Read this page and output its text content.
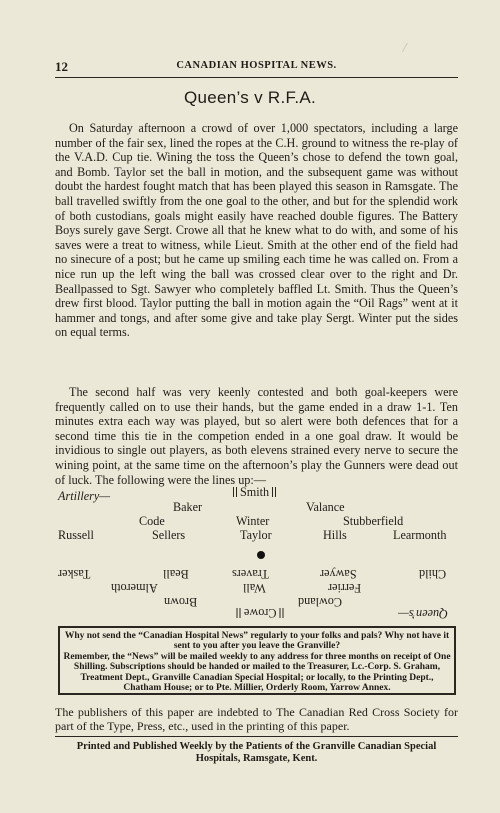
12	CANADIAN HOSPITAL NEWS.
Queen’s v R.F.A.
On Saturday afternoon a crowd of over 1,000 spectators, including a large number of the fair sex, lined the ropes at the C.H. ground to witness the re-play of the V.A.D. Cup tie. Wining the toss the Queen’s chose to defend the town goal, and Bomb. Taylor set the ball in motion, and the subsequent game was without doubt the hardest fought match that has been played this season in Ramsgate. The ball travelled swiftly from the one goal to the other, and but for the splendid work of both custodians, goals might easily have reached double figures. The Battery Boys surely gave Sergt. Crowe all that he knew what to do with, and some of his saves were a treat to witness, while Lieut. Smith at the other end of the field had no sinecure of a post; but he came up smiling each time he was called on. From a nice run up the left wing the ball was crossed clear over to the right and Dr. Beallpassed to Sgt. Sawyer who completely baffled Lt. Smith. Thus the Queen’s drew first blood. Taylor putting the ball in motion again the “Oil Rags” went at it hammer and tongs, and after some give and take play Sergt. Winter put the sides on equal terms.
The second half was very keenly contested and both goal-keepers were frequently called on to use their hands, but the game ended in a draw 1-1. Ten minutes extra each way was played, but so alert were both defences that for a second time this tie in the competion ended in a one goal draw. It would be invidious to single out players, as both elevens strained every nerve to secure the wining point, at the same time on the afternoon’s play the Gunners were dead out of luck. The following were the lines up:—
Artillery—	Smith
Baker	Valance
Code	Winter	Stubberfield
Russell	Sellers	Taylor	Hills	Learmonth
Tasker	Beall	Travers	Sawyer	Child
Almeroth	Wall	Ferrier
Brown	Cowland
Crowe	Queen’s—
Why not send the “Canadian Hospital News” regularly to your folks and pals? Why not have it sent to you after you leave the Granville?
Remember, the “News” will be mailed weekly to any address for three months on receipt of One Shilling. Subscriptions should be handed or mailed to the Treasurer, Lc.-Corp. S. Graham, Treatment Dept., Granville Canadian Special Hospital; or locally, to the Printing Dept., Chatham House; or to Pte. Millier, Orderly Room, Yarrow Annex.
The publishers of this paper are indebted to The Canadian Red Cross Society for part of the Type, Press, etc., used in the printing of this paper.
Printed and Published Weekly by the Patients of the Granville Canadian Special Hospitals, Ramsgate, Kent.
